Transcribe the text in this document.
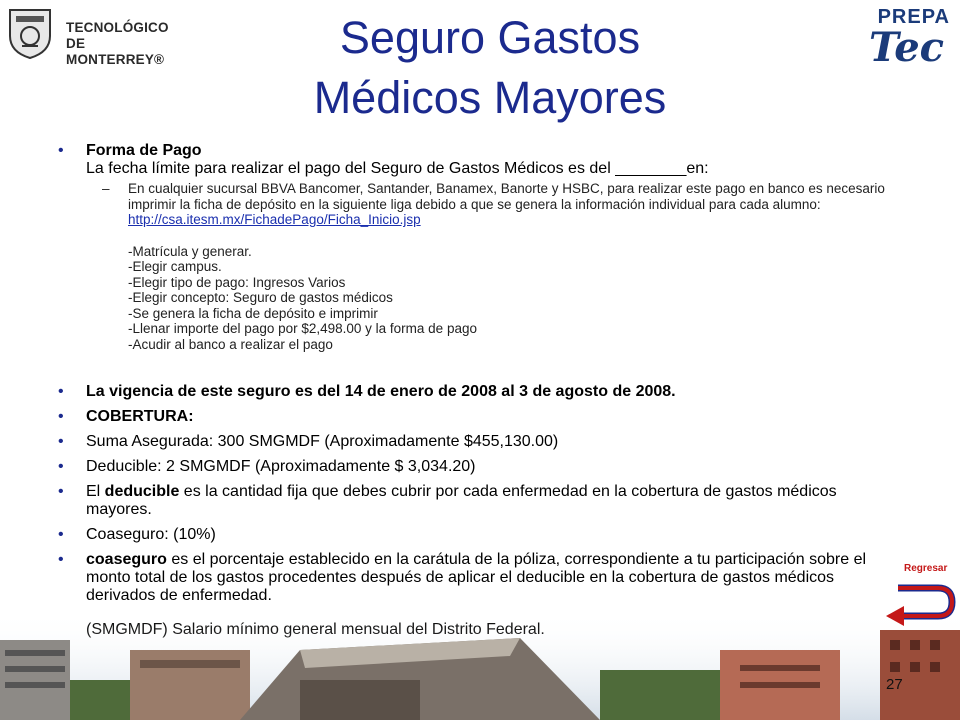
TECNOLÓGICO
DE MONTERREY®
PREPA
Tec
Seguro Gastos
Médicos Mayores
• Forma de Pago
La fecha límite para realizar el pago del Seguro de Gastos Médicos es del ________en:
– En cualquier sucursal BBVA Bancomer, Santander, Banamex, Banorte y HSBC, para realizar este pago en banco es necesario imprimir la ficha de depósito en la siguiente liga debido a que se genera la información individual para cada alumno:
http://csa.itesm.mx/FichadePago/Ficha_Inicio.jsp
-Matrícula y generar.
-Elegir campus.
-Elegir tipo de pago: Ingresos Varios
-Elegir concepto: Seguro de gastos médicos
-Se genera la ficha de depósito e imprimir
-Llenar importe del pago por $2,498.00 y la forma de pago
-Acudir al banco a realizar el pago
• La vigencia de este seguro es del 14 de enero de 2008 al 3 de agosto de 2008.
• COBERTURA:
• Suma Asegurada: 300 SMGMDF (Aproximadamente $455,130.00)
• Deducible: 2 SMGMDF (Aproximadamente $ 3,034.20)
• El deducible es la cantidad fija que debes cubrir por cada enfermedad en la cobertura de gastos médicos mayores.
• Coaseguro: (10%)
• coaseguro es el porcentaje establecido en la carátula de la póliza, correspondiente a tu participación sobre el monto total de los gastos procedentes después de aplicar el deducible en la cobertura de gastos médicos derivados de enfermedad.
Regresar
27
